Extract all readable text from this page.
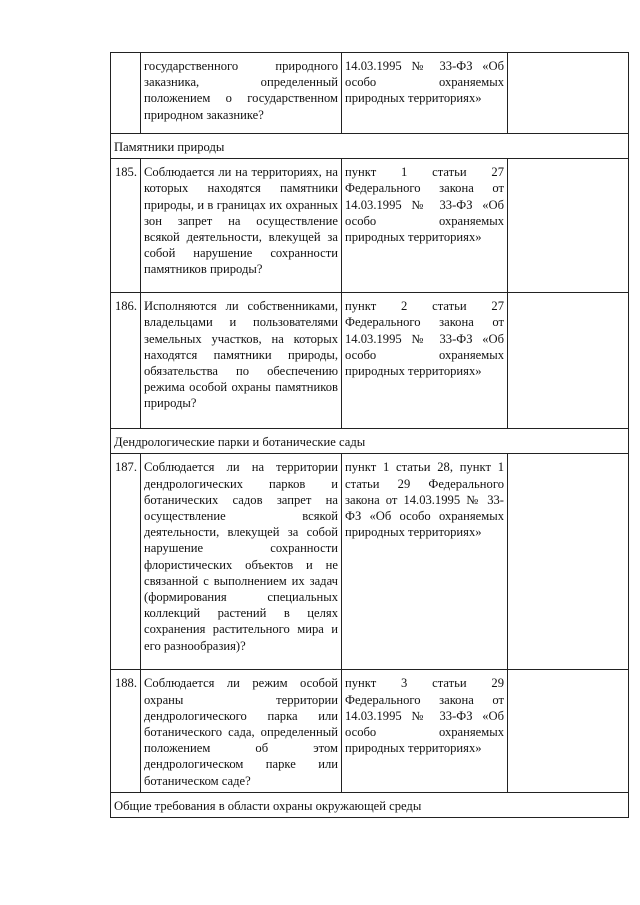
	государственного природного заказника, определенный положением о государственном природном заказнике?	14.03.1995 № 33-ФЗ «Об особо охраняемых природных территориях»	
Памятники природы			
185.	Соблюдается ли на территориях, на которых находятся памятники природы, и в границах их охранных зон запрет на осуществление всякой деятельности, влекущей за собой нарушение сохранности памятников природы?	пункт 1 статьи 27 Федерального закона от 14.03.1995 № 33-ФЗ «Об особо охраняемых природных территориях»	
186.	Исполняются ли собственниками, владельцами и пользователями земельных участков, на которых находятся памятники природы, обязательства по обеспечению режима особой охраны памятников природы?	пункт 2 статьи 27 Федерального закона от 14.03.1995 № 33-ФЗ «Об особо охраняемых природных территориях»	
Дендрологические парки и ботанические сады			
187.	Соблюдается ли на территории дендрологических парков и ботанических садов запрет на осуществление всякой деятельности, влекущей за собой нарушение сохранности флористических объектов и не связанной с выполнением их задач (формирования специальных коллекций растений в целях сохранения растительного мира и его разнообразия)?	пункт 1 статьи 28, пункт 1 статьи 29 Федерального закона от 14.03.1995 № 33-ФЗ «Об особо охраняемых природных территориях»	
188.	Соблюдается ли режим особой охраны территории дендрологического парка или ботанического сада, определенный положением об этом дендрологическом парке или ботаническом саде?	пункт 3 статьи 29 Федерального закона от 14.03.1995 № 33-ФЗ «Об особо охраняемых природных территориях»	
Общие требования в области охраны окружающей среды			
